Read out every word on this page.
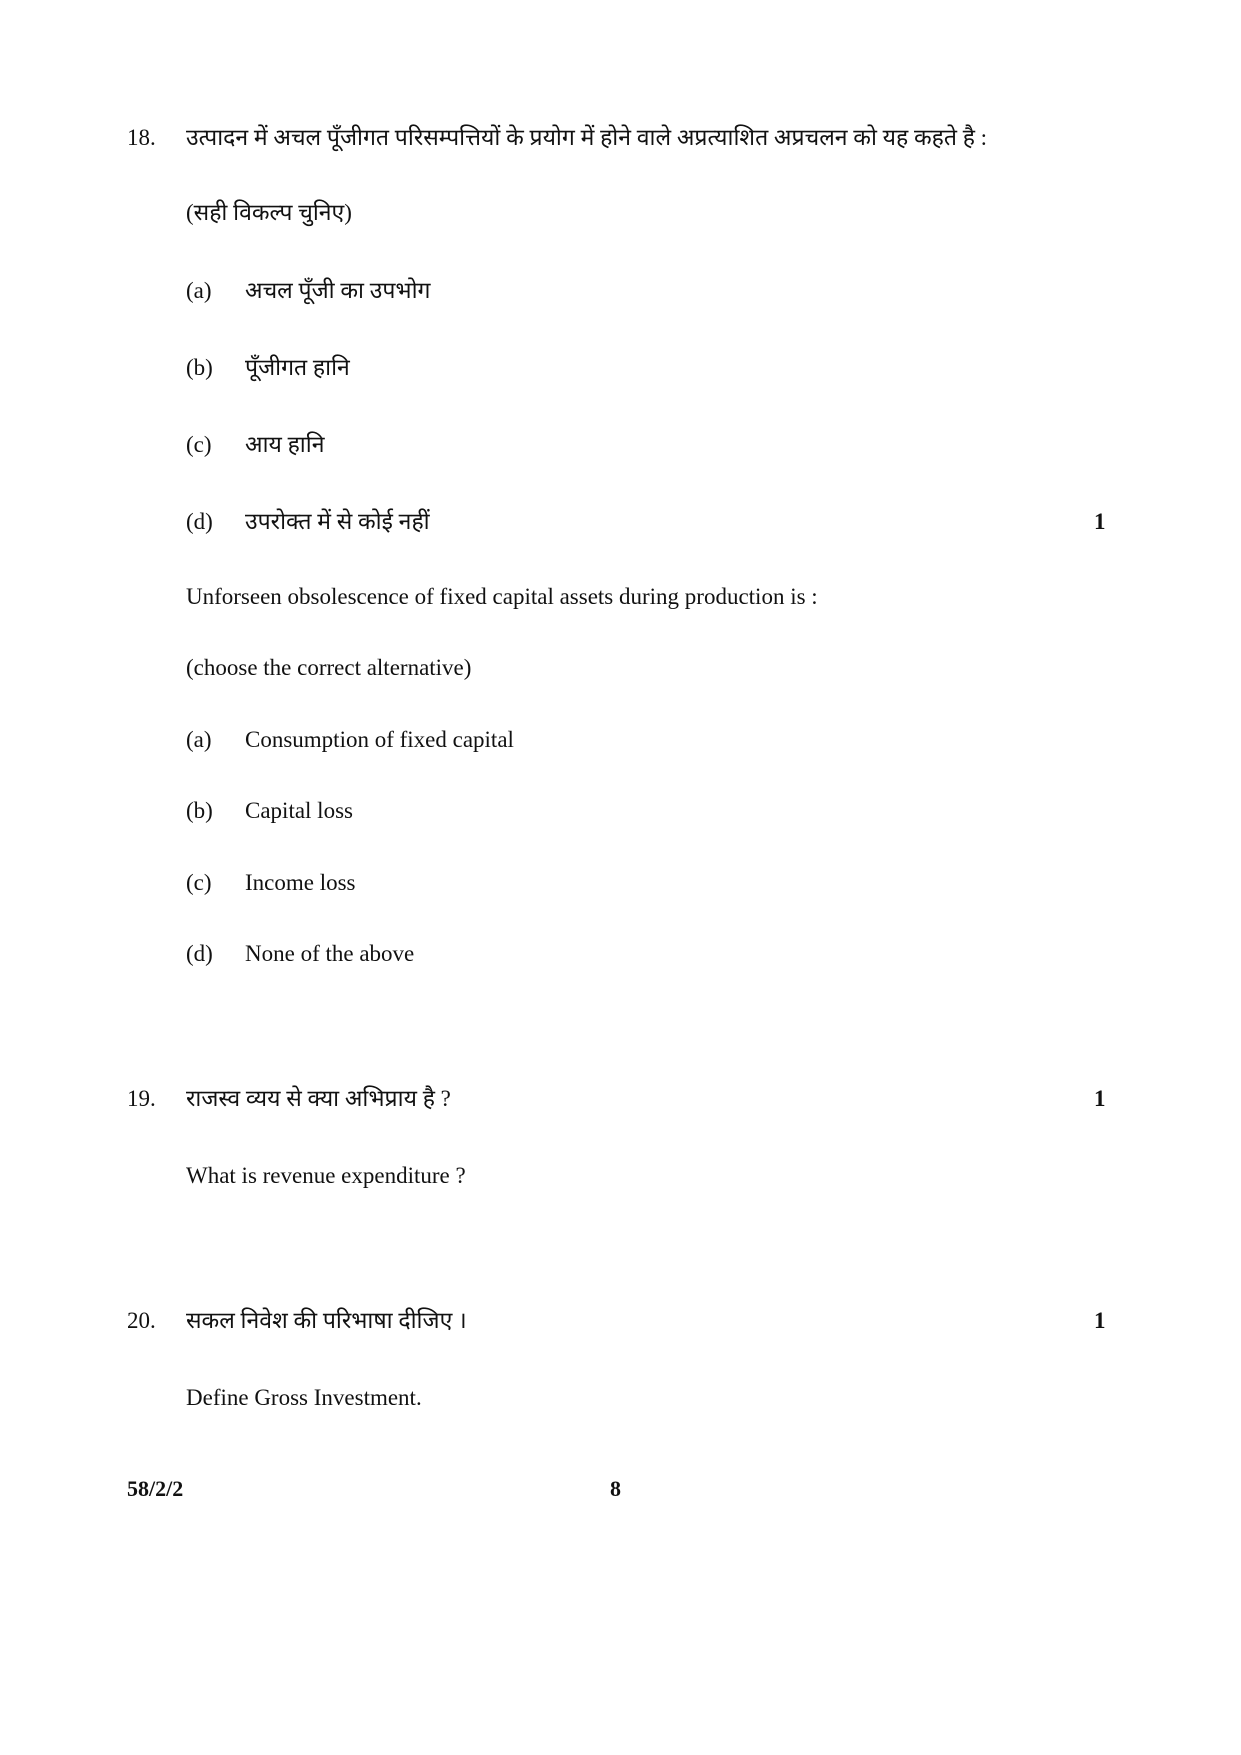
18. उत्पादन में अचल पूँजीगत परिसम्पत्तियों के प्रयोग में होने वाले अप्रत्याशित अप्रचलन को यह कहते है :
(सही विकल्प चुनिए)
(a) अचल पूँजी का उपभोग
(b) पूँजीगत हानि
(c) आय हानि
(d) उपरोक्त में से कोई नहीं	1
Unforseen obsolescence of fixed capital assets during production is :
(choose the correct alternative)
(a) Consumption of fixed capital
(b) Capital loss
(c) Income loss
(d) None of the above
19. राजस्व व्यय से क्या अभिप्राय है ?	1
What is revenue expenditure ?
20. सकल निवेश की परिभाषा दीजिए ।	1
Define Gross Investment.
58/2/2	8
